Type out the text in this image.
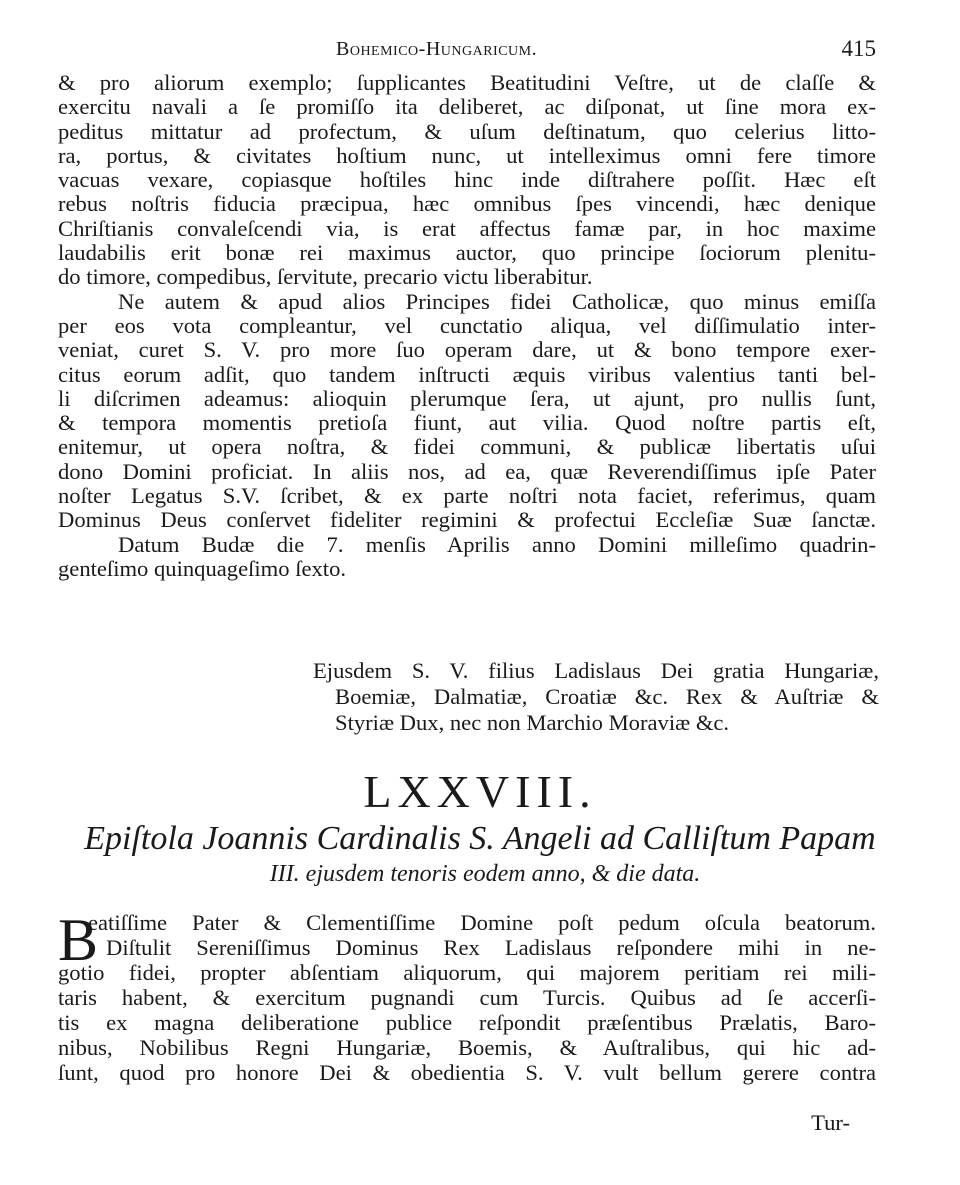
Bohemico-Hungaricum.	415
& pro aliorum exemplo; ſupplicantes Beatitudini Veſtre, ut de claſſe &
exercitu navali a ſe promiſſo ita deliberet, ac diſponat, ut ſine mora ex-
peditus mittatur ad profectum, & uſum deſtinatum, quo celerius litto-
ra, portus, & civitates hoſtium nunc, ut intelleximus omni fere timore
vacuas vexare, copiasque hoſtiles hinc inde diſtrahere poſſit. Hæc eſt
rebus noſtris fiducia præcipua, hæc omnibus ſpes vincendi, hæc denique
Chriſtianis convaleſcendi via, is erat affectus famæ par, in hoc maxime
laudabilis erit bonæ rei maximus auctor, quo principe ſociorum plenitu-
do timore, compedibus, ſervitute, precario victu liberabitur.
Ne autem & apud alios Principes fidei Catholicæ, quo minus emiſſa
per eos vota compleantur, vel cunctatio aliqua, vel diſſimulatio inter-
veniat, curet S. V. pro more ſuo operam dare, ut & bono tempore exer-
citus eorum adſit, quo tandem inſtructi æquis viribus valentius tanti bel-
li diſcrimen adeamus: alioquin plerumque ſera, ut ajunt, pro nullis ſunt,
& tempora momentis pretioſa fiunt, aut vilia. Quod noſtre partis eſt,
enitemur, ut opera noſtra, & fidei communi, & publicæ libertatis uſui
dono Domini proficiat. In aliis nos, ad ea, quæ Reverendiſſimus ipſe Pater
noſter Legatus S.V. ſcribet, & ex parte noſtri nota faciet, referimus, quam
Dominus Deus conſervet fideliter regimini & profectui Eccleſiæ Suæ ſanctæ.
Datum Budæ die 7. menſis Aprilis anno Domini milleſimo quadrin-
genteſimo quinquageſimo ſexto.
Ejusdem S. V. filius Ladislaus Dei gratia Hungariæ,
Boemiæ, Dalmatiæ, Croatiæ &c. Rex & Auſtriæ &
Styriæ Dux, nec non Marchio Moraviæ &c.
LXXVIII.
Epiſtola Joannis Cardinalis S. Angeli ad Calliſtum Papam
III. ejusdem tenoris eodem anno, & die data.
B
eatiſſime Pater & Clementiſſime Domine poſt pedum oſcula beatorum.
Diſtulit Sereniſſimus Dominus Rex Ladislaus reſpondere mihi in ne-
gotio fidei, propter abſentiam aliquorum, qui majorem peritiam rei mili-
taris habent, & exercitum pugnandi cum Turcis. Quibus ad ſe accerſi-
tis ex magna deliberatione publice reſpondit præſentibus Prælatis, Baro-
nibus, Nobilibus Regni Hungariæ, Boemis, & Auſtralibus, qui hic ad-
ſunt, quod pro honore Dei & obedientia S. V. vult bellum gerere contra
Tur-
